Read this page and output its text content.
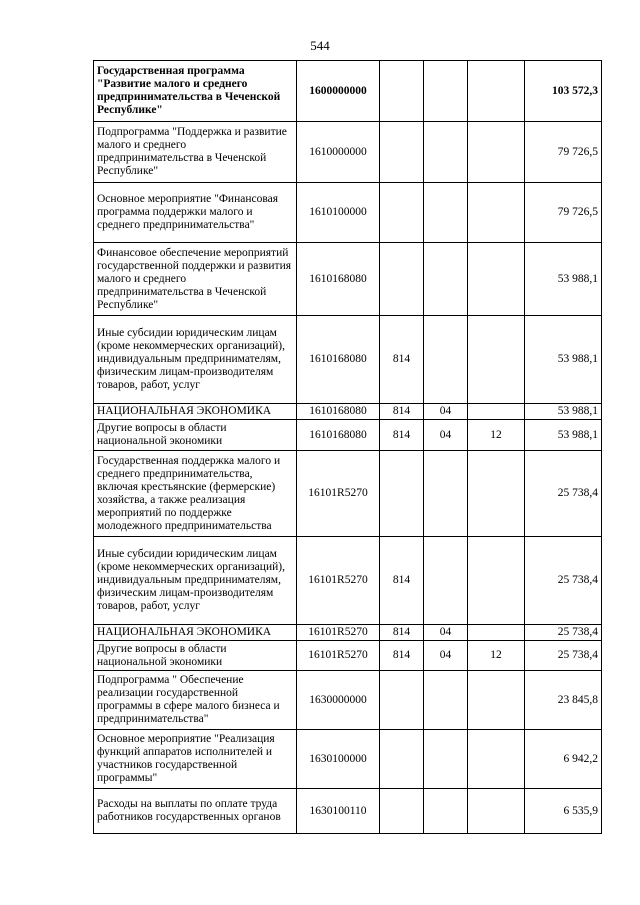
544
Государственная программа "Развитие малого и среднего предпринимательства в Чеченской Республике"	1600000000				103 572,3
Подпрограмма "Поддержка и развитие малого и среднего предпринимательства в Чеченской Республике"	1610000000				79 726,5
Основное мероприятие "Финансовая программа поддержки малого и среднего предпринимательства"	1610100000				79 726,5
Финансовое обеспечение мероприятий государственной поддержки и развития малого и среднего предпринимательства в Чеченской Республике"	1610168080				53 988,1
Иные субсидии юридическим лицам (кроме некоммерческих организаций), индивидуальным предпринимателям, физическим лицам-производителям товаров, работ, услуг	1610168080	814			53 988,1
НАЦИОНАЛЬНАЯ ЭКОНОМИКА	1610168080	814	04		53 988,1
Другие вопросы в области национальной экономики	1610168080	814	04	12	53 988,1
Государственная поддержка малого и среднего предпринимательства, включая крестьянские (фермерские) хозяйства, а также реализация мероприятий по поддержке молодежного предпринимательства	16101R5270				25 738,4
Иные субсидии юридическим лицам (кроме некоммерческих организаций), индивидуальным предпринимателям, физическим лицам-производителям товаров, работ, услуг	16101R5270	814			25 738,4
НАЦИОНАЛЬНАЯ ЭКОНОМИКА	16101R5270	814	04		25 738,4
Другие вопросы в области национальной экономики	16101R5270	814	04	12	25 738,4
Подпрограмма " Обеспечение реализации государственной программы в сфере малого бизнеса и предпринимательства"	1630000000				23 845,8
Основное мероприятие "Реализация функций аппаратов исполнителей и участников государственной программы"	1630100000				6 942,2
Расходы на выплаты по оплате труда работников государственных органов	1630100110				6 535,9
